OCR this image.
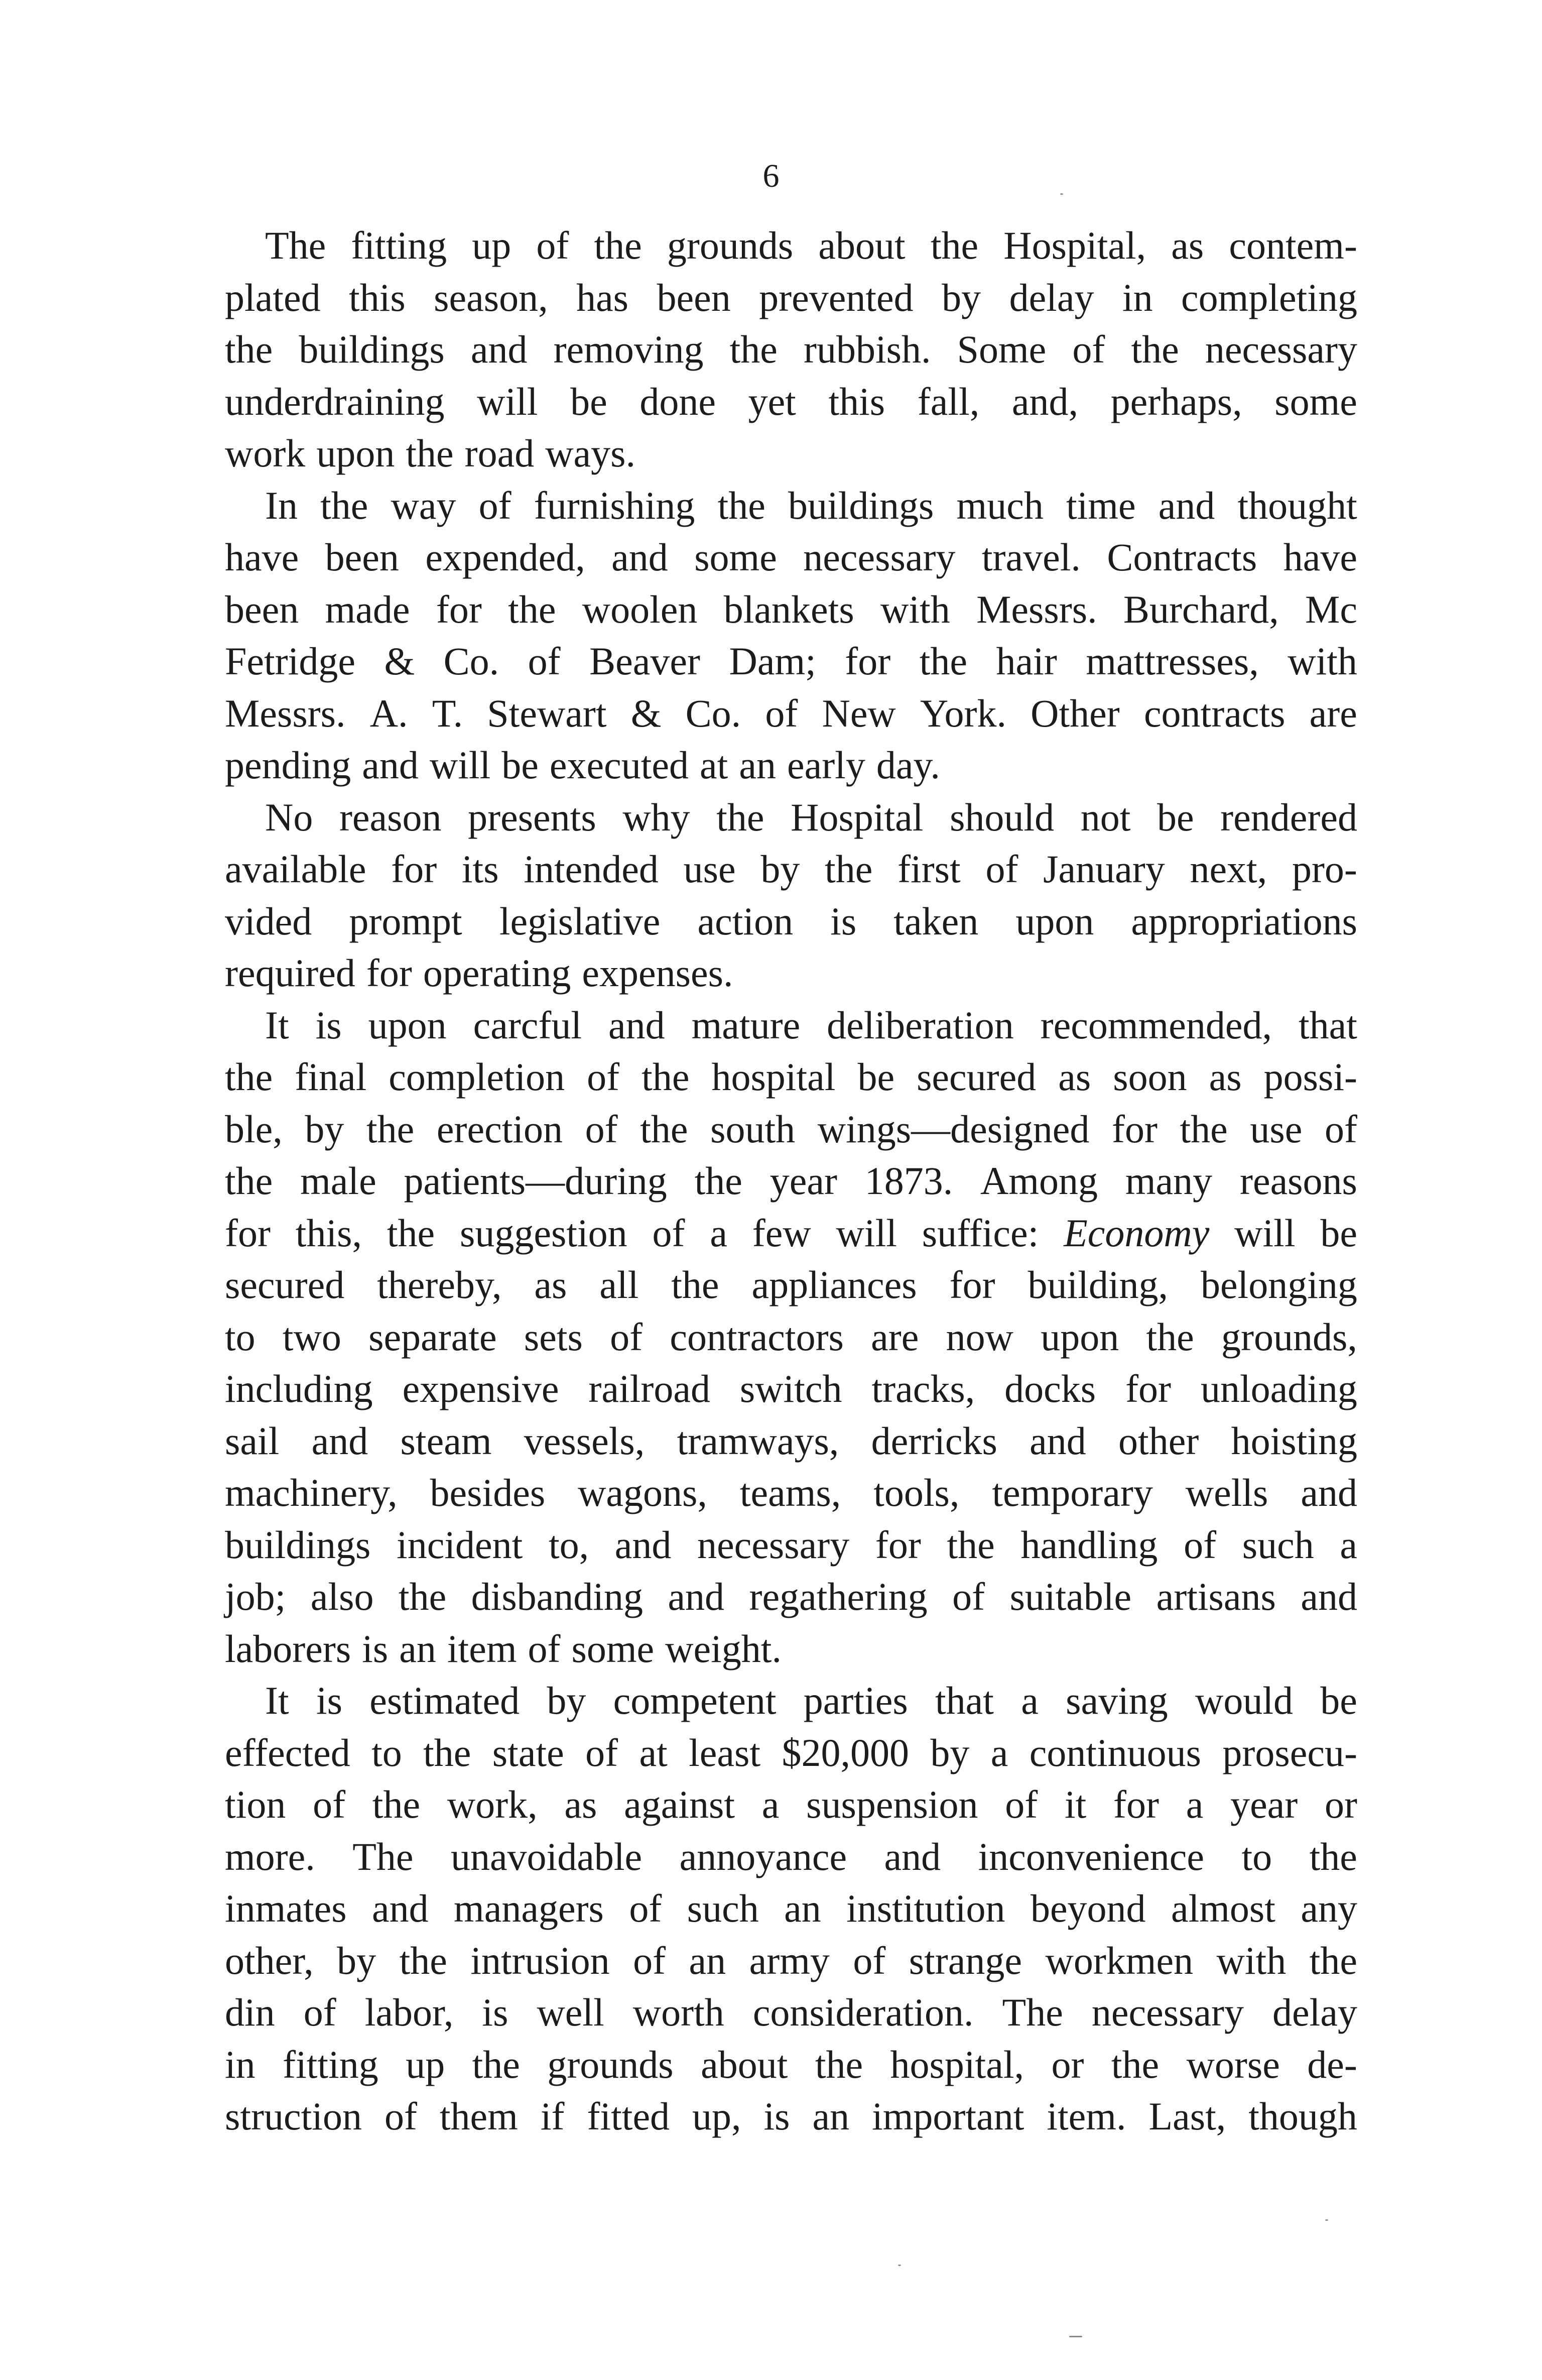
6
The fitting up of the grounds about the Hospital, as contem-
plated this season, has been prevented by delay in completing
the buildings and removing the rubbish. Some of the necessary
underdraining will be done yet this fall, and, perhaps, some
work upon the road ways.
In the way of furnishing the buildings much time and thought
have been expended, and some necessary travel. Contracts have
been made for the woolen blankets with Messrs. Burchard, Mc
Fetridge & Co. of Beaver Dam; for the hair mattresses, with
Messrs. A. T. Stewart & Co. of New York. Other contracts are
pending and will be executed at an early day.
No reason presents why the Hospital should not be rendered
available for its intended use by the first of January next, pro-
vided prompt legislative action is taken upon appropriations
required for operating expenses.
It is upon carcful and mature deliberation recommended, that
the final completion of the hospital be secured as soon as possi-
ble, by the erection of the south wings—designed for the use of
the male patients—during the year 1873. Among many reasons
for this, the suggestion of a few will suffice: Economy will be
secured thereby, as all the appliances for building, belonging
to two separate sets of contractors are now upon the grounds,
including expensive railroad switch tracks, docks for unloading
sail and steam vessels, tramways, derricks and other hoisting
machinery, besides wagons, teams, tools, temporary wells and
buildings incident to, and necessary for the handling of such a
job; also the disbanding and regathering of suitable artisans and
laborers is an item of some weight.
It is estimated by competent parties that a saving would be
effected to the state of at least $20,000 by a continuous prosecu-
tion of the work, as against a suspension of it for a year or
more. The unavoidable annoyance and inconvenience to the
inmates and managers of such an institution beyond almost any
other, by the intrusion of an army of strange workmen with the
din of labor, is well worth consideration. The necessary delay
in fitting up the grounds about the hospital, or the worse de-
struction of them if fitted up, is an important item. Last, though
